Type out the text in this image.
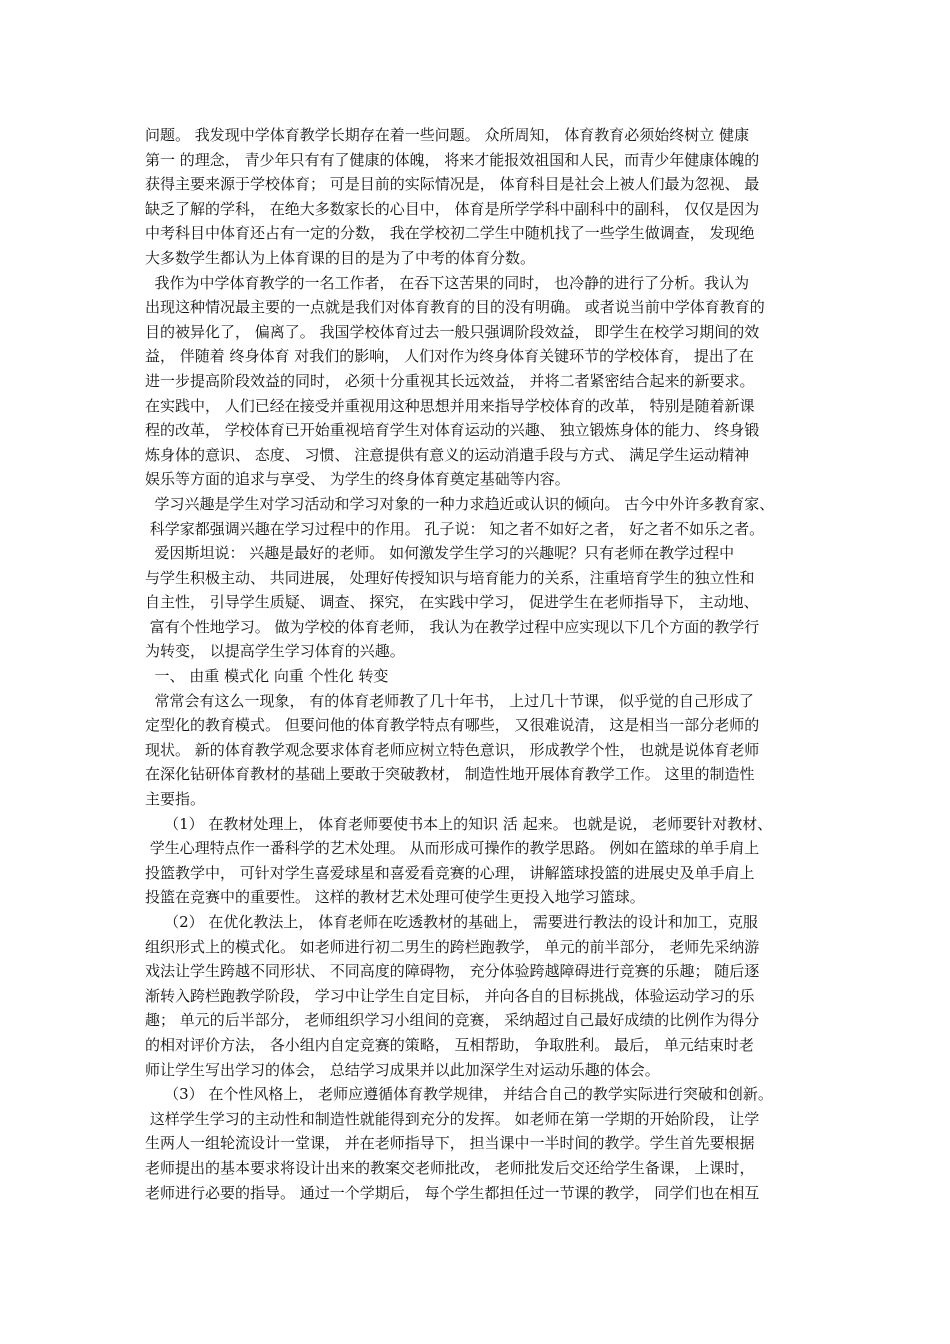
问题。 我发现中学体育教学长期存在着一些问题。 众所周知， 体育教育必须始终树立 健康
第一 的理念， 青少年只有有了健康的体魄， 将来才能报效祖国和人民，而青少年健康体魄的
获得主要来源于学校体育； 可是目前的实际情况是， 体育科目是社会上被人们最为忽视、 最
缺乏了解的学科， 在绝大多数家长的心目中， 体育是所学学科中副科中的副科， 仅仅是因为
中考科目中体育还占有一定的分数， 我在学校初二学生中随机找了一些学生做调查， 发现绝
大多数学生都认为上体育课的目的是为了中考的体育分数。
我作为中学体育教学的一名工作者， 在吞下这苦果的同时， 也冷静的进行了分析。我认为
出现这种情况最主要的一点就是我们对体育教育的目的没有明确。 或者说当前中学体育教育的
目的被异化了， 偏离了。 我国学校体育过去一般只强调阶段效益， 即学生在校学习期间的效
益， 伴随着 终身体育 对我们的影响， 人们对作为终身体育关键环节的学校体育， 提出了在
进一步提高阶段效益的同时， 必须十分重视其长远效益， 并将二者紧密结合起来的新要求。
在实践中， 人们已经在接受并重视用这种思想并用来指导学校体育的改革， 特别是随着新课
程的改革， 学校体育已开始重视培育学生对体育运动的兴趣、 独立锻炼身体的能力、 终身锻
炼身体的意识、 态度、 习惯、 注意提供有意义的运动消遣手段与方式、 满足学生运动精神
娱乐等方面的追求与享受、 为学生的终身体育奠定基础等内容。
学习兴趣是学生对学习活动和学习对象的一种力求趋近或认识的倾向。 古今中外许多教育家、
科学家都强调兴趣在学习过程中的作用。 孔子说： 知之者不如好之者， 好之者不如乐之者。
爱因斯坦说： 兴趣是最好的老师。 如何激发学生学习的兴趣呢？只有老师在教学过程中
与学生积极主动、 共同进展， 处理好传授知识与培育能力的关系，注重培育学生的独立性和
自主性， 引导学生质疑、 调查、 探究， 在实践中学习， 促进学生在老师指导下， 主动地、
富有个性地学习。 做为学校的体育老师， 我认为在教学过程中应实现以下几个方面的教学行
为转变， 以提高学生学习体育的兴趣。
一、 由重 模式化 向重 个性化 转变
常常会有这么一现象， 有的体育老师教了几十年书， 上过几十节课， 似乎觉的自己形成了
定型化的教育模式。 但要问他的体育教学特点有哪些， 又很难说清， 这是相当一部分老师的
现状。 新的体育教学观念要求体育老师应树立特色意识， 形成教学个性， 也就是说体育老师
在深化钻研体育教材的基础上要敢于突破教材， 制造性地开展体育教学工作。 这里的制造性
主要指。
（1） 在教材处理上， 体育老师要使书本上的知识 活 起来。 也就是说， 老师要针对教材、
学生心理特点作一番科学的艺术处理。 从而形成可操作的教学思路。 例如在篮球的单手肩上
投篮教学中， 可针对学生喜爱球星和喜爱看竞赛的心理， 讲解篮球投篮的进展史及单手肩上
投篮在竞赛中的重要性。 这样的教材艺术处理可使学生更投入地学习篮球。
（2） 在优化教法上， 体育老师在吃透教材的基础上， 需要进行教法的设计和加工，克服
组织形式上的模式化。 如老师进行初二男生的跨栏跑教学， 单元的前半部分， 老师先采纳游
戏法让学生跨越不同形状、 不同高度的障碍物， 充分体验跨越障碍进行竞赛的乐趣； 随后逐
渐转入跨栏跑教学阶段， 学习中让学生自定目标， 并向各自的目标挑战，体验运动学习的乐
趣； 单元的后半部分， 老师组织学习小组间的竞赛， 采纳超过自己最好成绩的比例作为得分
的相对评价方法， 各小组内自定竞赛的策略， 互相帮助， 争取胜利。 最后， 单元结束时老
师让学生写出学习的体会， 总结学习成果并以此加深学生对运动乐趣的体会。
（3） 在个性风格上， 老师应遵循体育教学规律， 并结合自己的教学实际进行突破和创新。
这样学生学习的主动性和制造性就能得到充分的发挥。 如老师在第一学期的开始阶段， 让学
生两人一组轮流设计一堂课， 并在老师指导下， 担当课中一半时间的教学。学生首先要根据
老师提出的基本要求将设计出来的教案交老师批改， 老师批发后交还给学生备课， 上课时，
老师进行必要的指导。 通过一个学期后， 每个学生都担任过一节课的教学， 同学们也在相互
